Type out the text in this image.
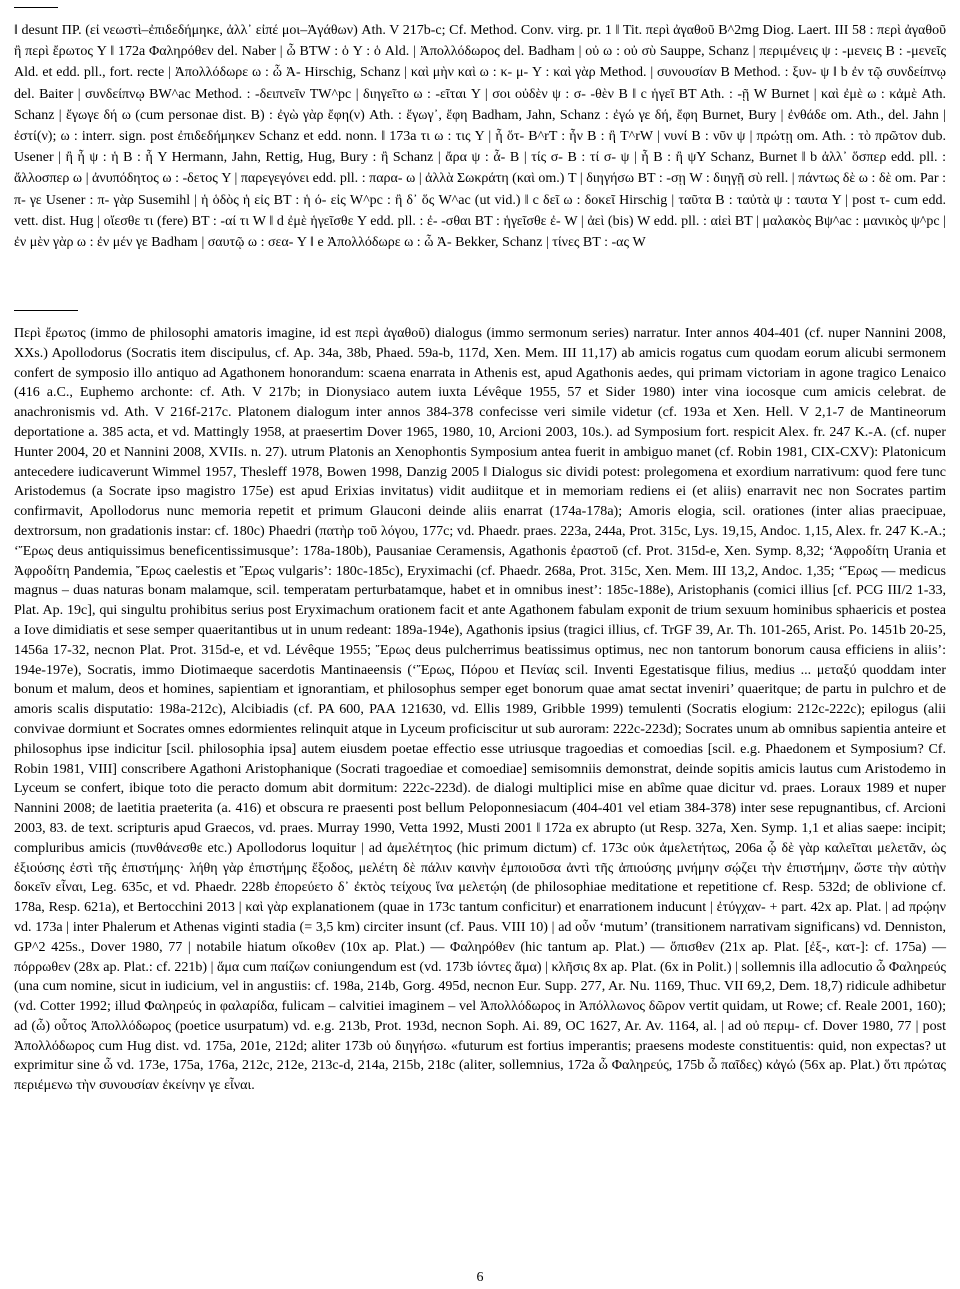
‖ desunt ΠΡ. (εἰ νεωστὶ–ἐπιδεδήμηκε, ἀλλ᾽ εἰπέ μοι–Ἀγάθων) Ath. V 217b-c; Cf. Method. Conv. virg. pr. 1 ‖ Tit. περὶ ἀγαθοῦ B^2mg Diog. Laert. III 58 : περὶ ἀγαθοῦ ἢ περὶ ἔρωτος Y ‖ 172a Φαληρόθεν del. Naber | ὦ BTW : ὁ Y : ὁ Ald. | Ἀπολλόδωρος del. Badham | οὐ ω : οὐ σὺ Sauppe, Schanz | περιμένεις ψ : -μενεις B : -μενεῖς Ald. et edd. pll., fort. recte | Ἀπολλόδωρε ω : ὦ Ἀ- Hirschig, Schanz | καὶ μὴν καὶ ω : κ- μ- Y : καὶ γὰρ Method. | συνουσίαν B Method. : ξυν- ψ ‖ b ἐν τῷ συνδείπνῳ del. Baiter | συνδείπνῳ BW^ac Method. : -δειπνεῖν TW^pc | διηγεῖτο ω : -εῖται Y | σοι οὐδὲν ψ : σ- -θὲν B ‖ c ἡγεῖ BT Ath. : -ῇ W Burnet | καὶ ἐμὲ ω : κἀμὲ Ath. Schanz | ἔγωγε δή ω (cum personae dist. B) : ἐγὼ γὰρ ἔφη(ν) Ath. : ἔγωγ᾽, ἔφη Badham, Jahn, Schanz : ἐγώ γε δή, ἔφη Burnet, Bury | ἐνθάδε om. Ath., del. Jahn | ἐστί(ν); ω : interr. sign. post ἐπιδεδήμηκεν Schanz et edd. nonn. ‖ 173a τι ω : τις Y | ἦ ὅτ- B^rT : ἦν B : ἢ T^rW | νυνί B : νῦν ψ | πρώτῃ om. Ath. : τὸ πρῶτον dub. Usener | ἢ ἦ ψ : ἡ B : ἦ Y Hermann, Jahn, Rettig, Hug, Bury : ἢ Schanz | ἄρα ψ : ἆ- B | τίς σ- B : τί σ- ψ | ἦ B : ἢ ψY Schanz, Burnet ‖ b ἀλλ᾽ ὅσπερ edd. pll. : ἄλλοσπερ ω | ἀνυπόδητος ω : -δετος Y | παρεγεγόνει edd. pll. : παρα- ω | ἀλλὰ Σωκράτη (καὶ om.) T | διηγήσω BT : -σῃ W : διηγῇ σὺ rell. | πάντως δὲ ω : δὲ om. Par : π- γε Usener : π- γὰρ Susemihl | ἡ ὁδὸς ἡ εἰς BT : ἡ ό- εἰς W^pc : ἢ δ᾽ ὅς W^ac (ut vid.) ‖ c δεῖ ω : δοκεῖ Hirschig | ταῦτα B : ταὐτὰ ψ : ταυτα Y | post τ- cum edd. vett. dist. Hug | οἴεσθε τι (fere) BT : -αί τι W ‖ d ἐμὲ ἡγεῖσθε Y edd. pll. : ἐ- -σθαι BT : ἡγεῖσθε ἐ- W | ἀεὶ (bis) W edd. pll. : αἰεὶ BT | μαλακὸς Bψ^ac : μανικὸς ψ^pc | ἐν μὲν γὰρ ω : ἐν μέν γε Badham | σαυτῷ ω : σεα- Y ‖ e Ἀπολλόδωρε ω : ὦ Ἀ- Bekker, Schanz | τίνες BT : -ας W
Περὶ ἔρωτος (immo de philosophi amatoris imagine, id est περὶ ἀγαθοῦ) dialogus (immo sermonum series) narratur. Inter annos 404-401 (cf. nuper Nannini 2008, XXs.) Apollodorus (Socratis item discipulus, cf. Ap. 34a, 38b, Phaed. 59a-b, 117d, Xen. Mem. III 11,17) ab amicis rogatus cum quodam eorum alicubi sermonem confert de symposio illo antiquo ad Agathonem honorandum: scaena enarrata in Athenis est, apud Agathonis aedes, qui primam victoriam in agone tragico Lenaico (416 a.C., Euphemo archonte: cf. Ath. V 217b; in Dionysiaco autem iuxta Lévêque 1955, 57 et Sider 1980) inter vina iocosque cum amicis celebrat. de anachronismis vd. Ath. V 216f-217c. Platonem dialogum inter annos 384-378 confecisse veri simile videtur (cf. 193a et Xen. Hell. V 2,1-7 de Mantineorum deportatione a. 385 acta, et vd. Mattingly 1958, at praesertim Dover 1965, 1980, 10, Arcioni 2003, 10s.). ad Symposium fort. respicit Alex. fr. 247 K.-A. (cf. nuper Hunter 2004, 20 et Nannini 2008, XVIIs. n. 27). utrum Platonis an Xenophontis Symposium antea fuerit in ambiguo manet (cf. Robin 1981, CIX-CXV): Platonicum antecedere iudicaverunt Wimmel 1957, Thesleff 1978, Bowen 1998, Danzig 2005 ‖ Dialogus sic dividi potest: prolegomena et exordium narrativum: quod fere tunc Aristodemus (a Socrate ipso magistro 175e) est apud Erixias invitatus) vidit audiitque et in memoriam rediens ei (et aliis) enarravit nec non Socrates partim confirmavit, Apollodorus nunc memoria repetit et primum Glauconi deinde aliis enarrat (174a-178a); Amoris elogia, scil. orationes (inter alias praecipuae, dextrorsum, non gradationis instar: cf. 180c) Phaedri (πατὴρ τοῦ λόγου, 177c; vd. Phaedr. praes. 223a, 244a, Prot. 315c, Lys. 19,15, Andoc. 1,15, Alex. fr. 247 K.-A.; ‘Ἔρως deus antiquissimus beneficentissimusque’: 178a-180b), Pausaniae Ceramensis, Agathonis ἐραστοῦ (cf. Prot. 315d-e, Xen. Symp. 8,32; ‘Ἀφροδίτη Urania et Ἀφροδίτη Pandemia, Ἔρως caelestis et Ἔρως vulgaris’: 180c-185c), Eryximachi (cf. Phaedr. 268a, Prot. 315c, Xen. Mem. III 13,2, Andoc. 1,35; ‘Ἔρως — medicus magnus – duas naturas bonam malamque, scil. temperatam perturbatamque, habet et in omnibus inest’: 185c-188e), Aristophanis (comici illius [cf. PCG III/2 1-33, Plat. Ap. 19c], qui singultu prohibitus serius post Eryximachum orationem facit et ante Agathonem fabulam exponit de trium sexuum hominibus sphaericis et postea a Iove dimidiatis et sese semper quaeritantibus ut in unum redeant: 189a-194e), Agathonis ipsius (tragici illius, cf. TrGF 39, Ar. Th. 101-265, Arist. Po. 1451b 20-25, 1456a 17-32, necnon Plat. Prot. 315d-e, et vd. Lévêque 1955; Ἔρως deus pulcherrimus beatissimus optimus, nec non tantorum bonorum causa efficiens in aliis’: 194e-197e), Socratis, immo Diotimaeque sacerdotis Mantinaeensis (‘Ἔρως, Πόρου et Πενίας scil. Inventi Egestatisque filius, medius ... μεταξύ quoddam inter bonum et malum, deos et homines, sapientiam et ignorantiam, et philosophus semper eget bonorum quae amat sectat inveniri’ quaeritque; de partu in pulchro et de amoris scalis disputatio: 198a-212c), Alcibiadis (cf. PA 600, PAA 121630, vd. Ellis 1989, Gribble 1999) temulenti (Socratis elogium: 212c-222c); epilogus (alii convivae dormiunt et Socrates omnes edormientes relinquit atque in Lyceum proficiscitur ut sub auroram: 222c-223d); Socrates unum ab omnibus sapientia anteire et philosophus ipse indicitur [scil. philosophia ipsa] autem eiusdem poetae effectio esse utriusque tragoedias et comoedias [scil. e.g. Phaedonem et Symposium? Cf. Robin 1981, VIII] conscribere Agathoni Aristophanique (Socrati tragoediae et comoediae] semisomniis demonstrat, deinde sopitis amicis lautus cum Aristodemo in Lyceum se confert, ibique toto die peracto domum abit dormitum: 222c-223d). de dialogi multiplici mise en abîme quae dicitur vd. praes. Loraux 1989 et nuper Nannini 2008; de laetitia praeterita (a. 416) et obscura re praesenti post bellum Peloponnesiacum (404-401 vel etiam 384-378) inter sese repugnantibus, cf. Arcioni 2003, 83. de text. scripturis apud Graecos, vd. praes. Murray 1990, Vetta 1992, Musti 2001 ‖ 172a ex abrupto (ut Resp. 327a, Xen. Symp. 1,1 et alias saepe: incipit; compluribus amicis (πυνθάνεσθε etc.) Apollodorus loquitur | ad ἀμελέτητος (hic primum dictum) cf. 173c οὐκ ἀμελετήτως, 206a ᾧ δὲ γὰρ καλεῖται μελετᾶν, ὡς ἐξιούσης ἐστὶ τῆς ἐπιστήμης· λήθη γὰρ ἐπιστήμης ἔξοδος, μελέτη δὲ πάλιν καινὴν ἐμποιοῦσα ἀντὶ τῆς ἀπιούσης μνήμην σῴζει τὴν ἐπιστήμην, ὥστε τὴν αὐτὴν δοκεῖν εἶναι, Leg. 635c, et vd. Phaedr. 228b ἐπορεύετο δ᾽ ἐκτὸς τείχους ἵνα μελετῴη (de philosophiae meditatione et repetitione cf. Resp. 532d; de oblivione cf. 178a, Resp. 621a), et Bertocchini 2013 | καὶ γὰρ explanationem (quae in 173c tantum conficitur) et enarrationem inducunt | ἐτύγχαν- + part. 42x ap. Plat. | ad πρῴην vd. 173a | inter Phalerum et Athenas viginti stadia (= 3,5 km) circiter insunt (cf. Paus. VIII 10) | ad οὖν ‘mutum’ (transitionem narrativam significans) vd. Denniston, GP^2 425s., Dover 1980, 77 | notabile hiatum οἴκοθεν (10x ap. Plat.) — Φαληρόθεν (hic tantum ap. Plat.) — ὄπισθεν (21x ap. Plat. [ἐξ-, κατ-]: cf. 175a) — πόρρωθεν (28x ap. Plat.: cf. 221b) | ἅμα cum παίζων coniungendum est (vd. 173b ἰόντες ἅμα) | κλῆσις 8x ap. Plat. (6x in Polit.) | sollemnis illa adlocutio ὦ Φαληρεύς (una cum nomine, sicut in iudicium, vel in angustiis: cf. 198a, 214b, Gorg. 495d, necnon Eur. Supp. 277, Ar. Nu. 1169, Thuc. VII 69,2, Dem. 18,7) ridicule adhibetur (vd. Cotter 1992; illud Φαληρεύς in φαλαρίδα, fulicam – calvitiei imaginem – vel Ἀπολλόδωρος in Ἀπόλλωνος δῶρον vertit quidam, ut Rowe; cf. Reale 2001, 160); ad (ὦ) οὗτος Ἀπολλόδωρος (poetice usurpatum) vd. e.g. 213b, Prot. 193d, necnon Soph. Ai. 89, OC 1627, Ar. Av. 1164, al. | ad οὐ περιμ- cf. Dover 1980, 77 | post Ἀπολλόδωρος cum Hug dist. vd. 175a, 201e, 212d; aliter 173b οὐ διηγήσω. «futurum est fortius imperantis; praesens modeste constituentis: quid, non expectas? ut exprimitur sine ὦ vd. 173e, 175a, 176a, 212c, 212e, 213c-d, 214a, 215b, 218c (aliter, sollemnius, 172a ὦ Φαληρεύς, 175b ὦ παῖδες) κἀγώ (56x ap. Plat.) ὅτι πρώτας περιέμενω τὴν συνουσίαν ἐκείνην γε εἶναι.
6
